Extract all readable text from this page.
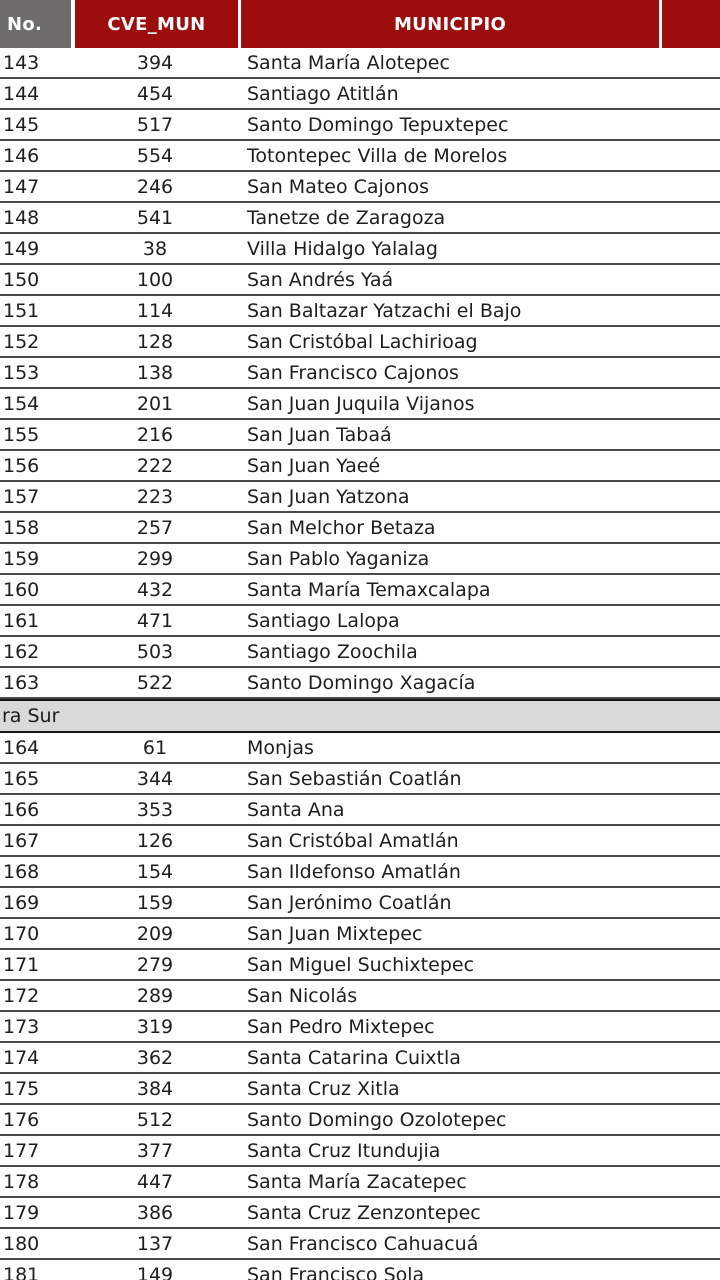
No.	CVE_MUN	MUNICIPIO
143	394	Santa María Alotepec
144	454	Santiago Atitlán
145	517	Santo Domingo Tepuxtepec
146	554	Totontepec Villa de Morelos
147	246	San Mateo Cajonos
148	541	Tanetze de Zaragoza
149	38	Villa Hidalgo Yalalag
150	100	San Andrés Yaá
151	114	San Baltazar Yatzachi el Bajo
152	128	San Cristóbal Lachirioag
153	138	San Francisco Cajonos
154	201	San Juan Juquila Vijanos
155	216	San Juan Tabaá
156	222	San Juan Yaeé
157	223	San Juan Yatzona
158	257	San Melchor Betaza
159	299	San Pablo Yaganiza
160	432	Santa María Temaxcalapa
161	471	Santiago Lalopa
162	503	Santiago Zoochila
163	522	Santo Domingo Xagacía
ra Sur
164	61	Monjas
165	344	San Sebastián Coatlán
166	353	Santa Ana
167	126	San Cristóbal Amatlán
168	154	San Ildefonso Amatlán
169	159	San Jerónimo Coatlán
170	209	San Juan Mixtepec
171	279	San Miguel Suchixtepec
172	289	San Nicolás
173	319	San Pedro Mixtepec
174	362	Santa Catarina Cuixtla
175	384	Santa Cruz Xitla
176	512	Santo Domingo Ozolotepec
177	377	Santa Cruz Itundujia
178	447	Santa María Zacatepec
179	386	Santa Cruz Zenzontepec
180	137	San Francisco Cahuacuá
181	149	San Francisco Sola
